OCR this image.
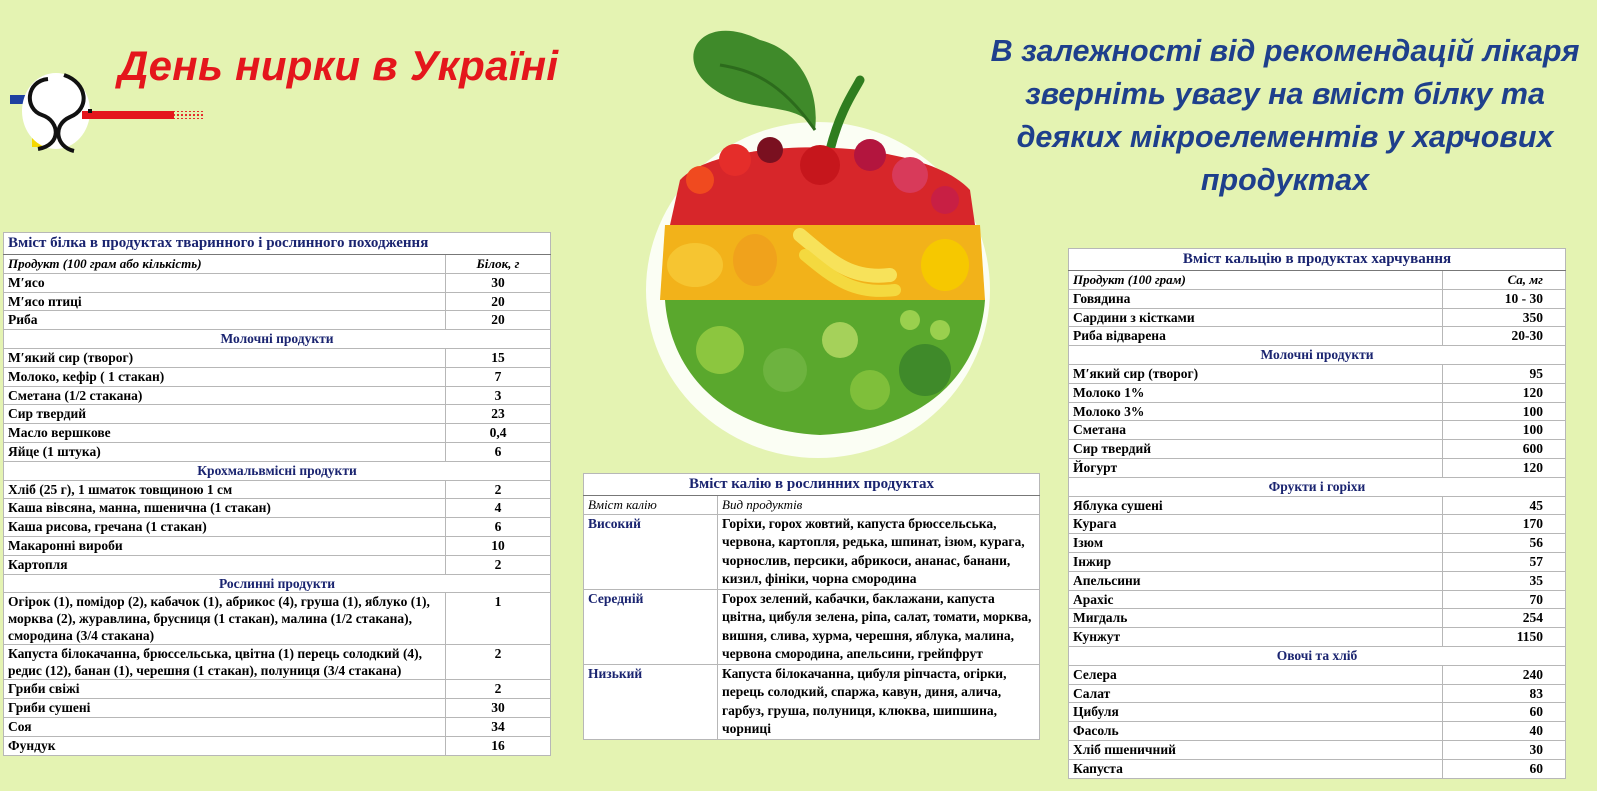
День нирки в Україні	В залежності від рекомендацій лікаря зверніть увагу на вміст білку та деяких мікроелементів у харчових продуктах
Вміст білка в продуктах тваринного і рослинного походження	
Продукт (100 грам або кількість)	Білок, г
М′ясо	30
М′ясо птиці	20
Риба	20
Молочні продукти	
М′який сир (творог)	15
Молоко, кефір ( 1 стакан)	7
Сметана (1/2 стакана)	3
Сир твердий	23
Масло вершкове	0,4
Яйце (1 штука)	6
Крохмальвмісні продукти	
Хліб (25 г), 1 шматок товщиною 1 см	2
Каша вівсяна, манна, пшенична (1 стакан)	4
Каша рисова, гречана (1 стакан)	6
Макаронні вироби	10
Картопля	2
Рослинні продукти	
Огірок (1), помідор (2), кабачок (1), абрикос (4), груша (1), яблуко (1), морква (2), журавлина, брусниця (1 стакан), малина (1/2 стакана), смородина (3/4 стакана)	1
Капуста білокачанна, брюссельська, цвітна (1) перець солодкий (4), редис (12), банан (1), черешня (1 стакан), полуниця (3/4 стакана)	2
Гриби свіжі	2
Гриби сушені	30
Соя	34
Фундук	16
Вміст калію в рослинних продуктах	
Вміст калію	Вид продуктів
Високий	Горіхи, горох жовтий, капуста брюссельська, червона, картопля, редька, шпинат, ізюм, курага, чорнослив, персики, абрикоси, ананас, банани, кизил, фініки, чорна смородина
Середній	Горох зелений, кабачки, баклажани, капуста цвітна, цибуля зелена, ріпа, салат, томати, морква, вишня, слива, хурма, черешня, яблука, малина, червона смородина, апельсини, грейпфрут
Низький	Капуста білокачанна, цибуля ріпчаста, огірки, перець солодкий, спаржа, кавун, диня, алича, гарбуз, груша, полуниця, клюква, шипшина, чорниці
Вміст кальцію в продуктах харчування	
Продукт (100 грам)	Ca, мг
Говядина	10 - 30
Сардини з кістками	350
Риба відварена	20-30
Молочні продукти	
М′який сир (творог)	95
Молоко 1%	120
Молоко 3%	100
Сметана	100
Сир твердий	600
Йогурт	120
Фрукти і горіхи	
Яблука сушені	45
Курага	170
Ізюм	56
Інжир	57
Апельсини	35
Арахіс	70
Мигдаль	254
Кунжут	1150
Овочі та хліб	
Селера	240
Салат	83
Цибуля	60
Фасоль	40
Хліб пшеничний	30
Капуста	60
